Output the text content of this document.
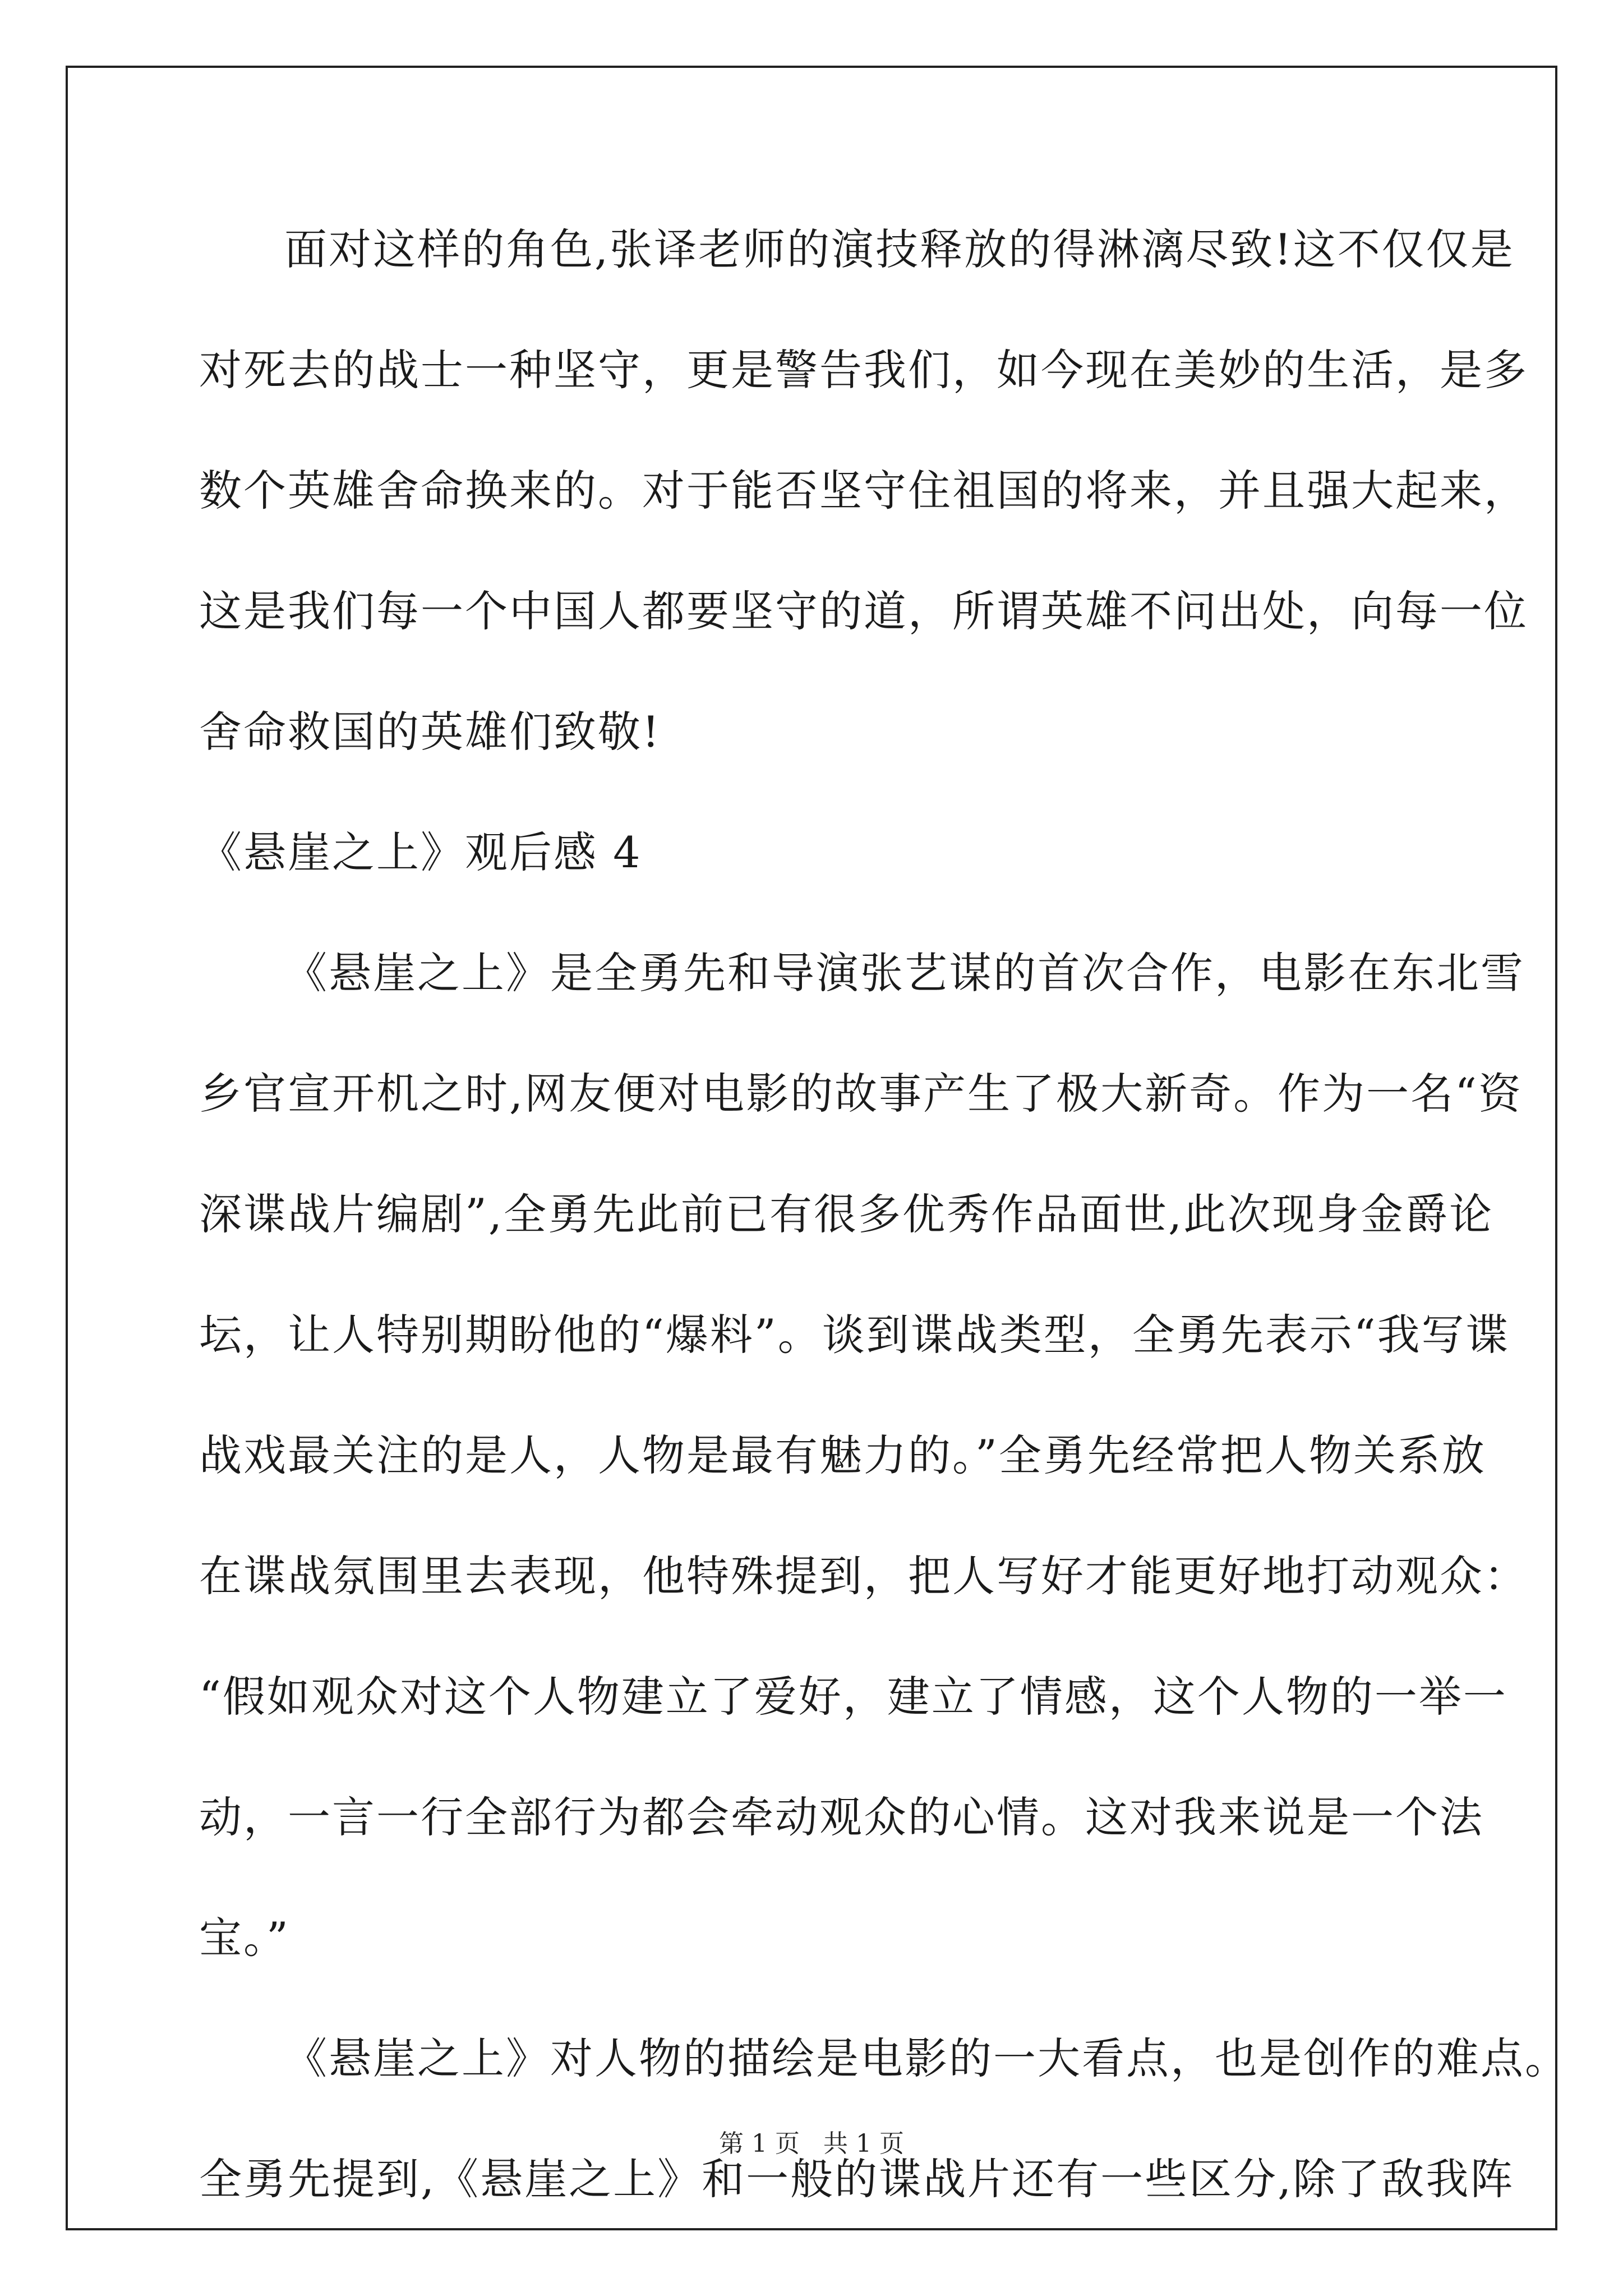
面对这样的角色,张译老师的演技释放的得淋漓尽致!这不仅仅是
对死去的战士一种坚守，更是警告我们，如今现在美妙的生活，是多
数个英雄舍命换来的。对于能否坚守住祖国的将来，并且强大起来，
这是我们每一个中国人都要坚守的道，所谓英雄不问出处，向每一位
舍命救国的英雄们致敬!
《悬崖之上》观后感 4
《悬崖之上》是全勇先和导演张艺谋的首次合作，电影在东北雪
乡官宣开机之时,网友便对电影的故事产生了极大新奇。作为一名“资
深谍战片编剧”,全勇先此前已有很多优秀作品面世,此次现身金爵论
坛，让人特别期盼他的“爆料”。谈到谍战类型，全勇先表示“我写谍
战戏最关注的是人，人物是最有魅力的。”全勇先经常把人物关系放
在谍战氛围里去表现，他特殊提到，把人写好才能更好地打动观众：
“假如观众对这个人物建立了爱好，建立了情感，这个人物的一举一
动，一言一行全部行为都会牵动观众的心情。这对我来说是一个法
宝。”
《悬崖之上》对人物的描绘是电影的一大看点，也是创作的难点。
全勇先提到,《悬崖之上》和一般的谍战片还有一些区分,除了敌我阵
第 1 页   共 1 页
